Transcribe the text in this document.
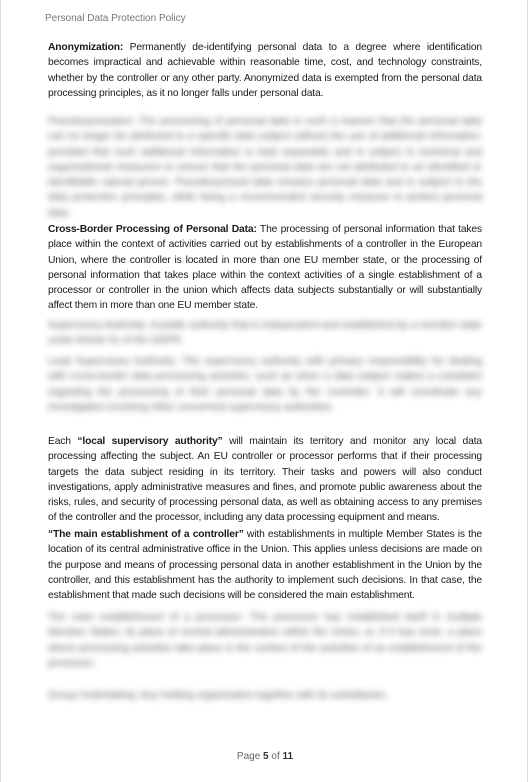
Personal Data Protection Policy

Anonymization: Permanently de-identifying personal data to a degree where identification becomes impractical and achievable within reasonable time, cost, and technology constraints, whether by the controller or any other party. Anonymized data is exempted from the personal data processing principles, as it no longer falls under personal data.

Pseudonymization: The processing of personal data in such a manner that the personal data can no longer be attributed to a specific data subject without the use of additional information, provided that such additional information is kept separately and is subject to technical and organisational measures to ensure that the personal data are not attributed to an identified or identifiable natural person. Pseudonymized data remains personal data and is subject to the data protection principles, while being a recommended security measure to protect personal data.

Cross-Border Processing of Personal Data: The processing of personal information that takes place within the context of activities carried out by establishments of a controller in the European Union, where the controller is located in more than one EU member state, or the processing of personal information that takes place within the context activities of a single establishment of a processor or controller in the union which affects data subjects substantially or will substantially affect them in more than one EU member state.

Supervisory Authority: A public authority that is independent and established by a member state under Article 51 of the GDPR.

Lead Supervisory Authority: The supervisory authority with primary responsibility for dealing with cross-border data processing activities, such as when a data subject makes a complaint regarding the processing of their personal data by the controller. It will coordinate any investigation involving other concerned supervisory authorities.

Each “local supervisory authority” will maintain its territory and monitor any local data processing affecting the subject. An EU controller or processor performs that if their processing targets the data subject residing in its territory. Their tasks and powers will also conduct investigations, apply administrative measures and fines, and promote public awareness about the risks, rules, and security of processing personal data, as well as obtaining access to any premises of the controller and the processor, including any data processing equipment and means.

“The main establishment of a controller” with establishments in multiple Member States is the location of its central administrative office in the Union. This applies unless decisions are made on the purpose and means of processing personal data in another establishment in the Union by the controller, and this establishment has the authority to implement such decisions. In that case, the establishment that made such decisions will be considered the main establishment.

The main establishment of a processor: The processor has established itself in multiple Member States, its place of central administration within the Union; or, if it has none, a place where processing activities take place in the context of the activities of an establishment of the processor.

Group Undertaking: Any holding organization together with its subsidiaries.

Page 5 of 11
